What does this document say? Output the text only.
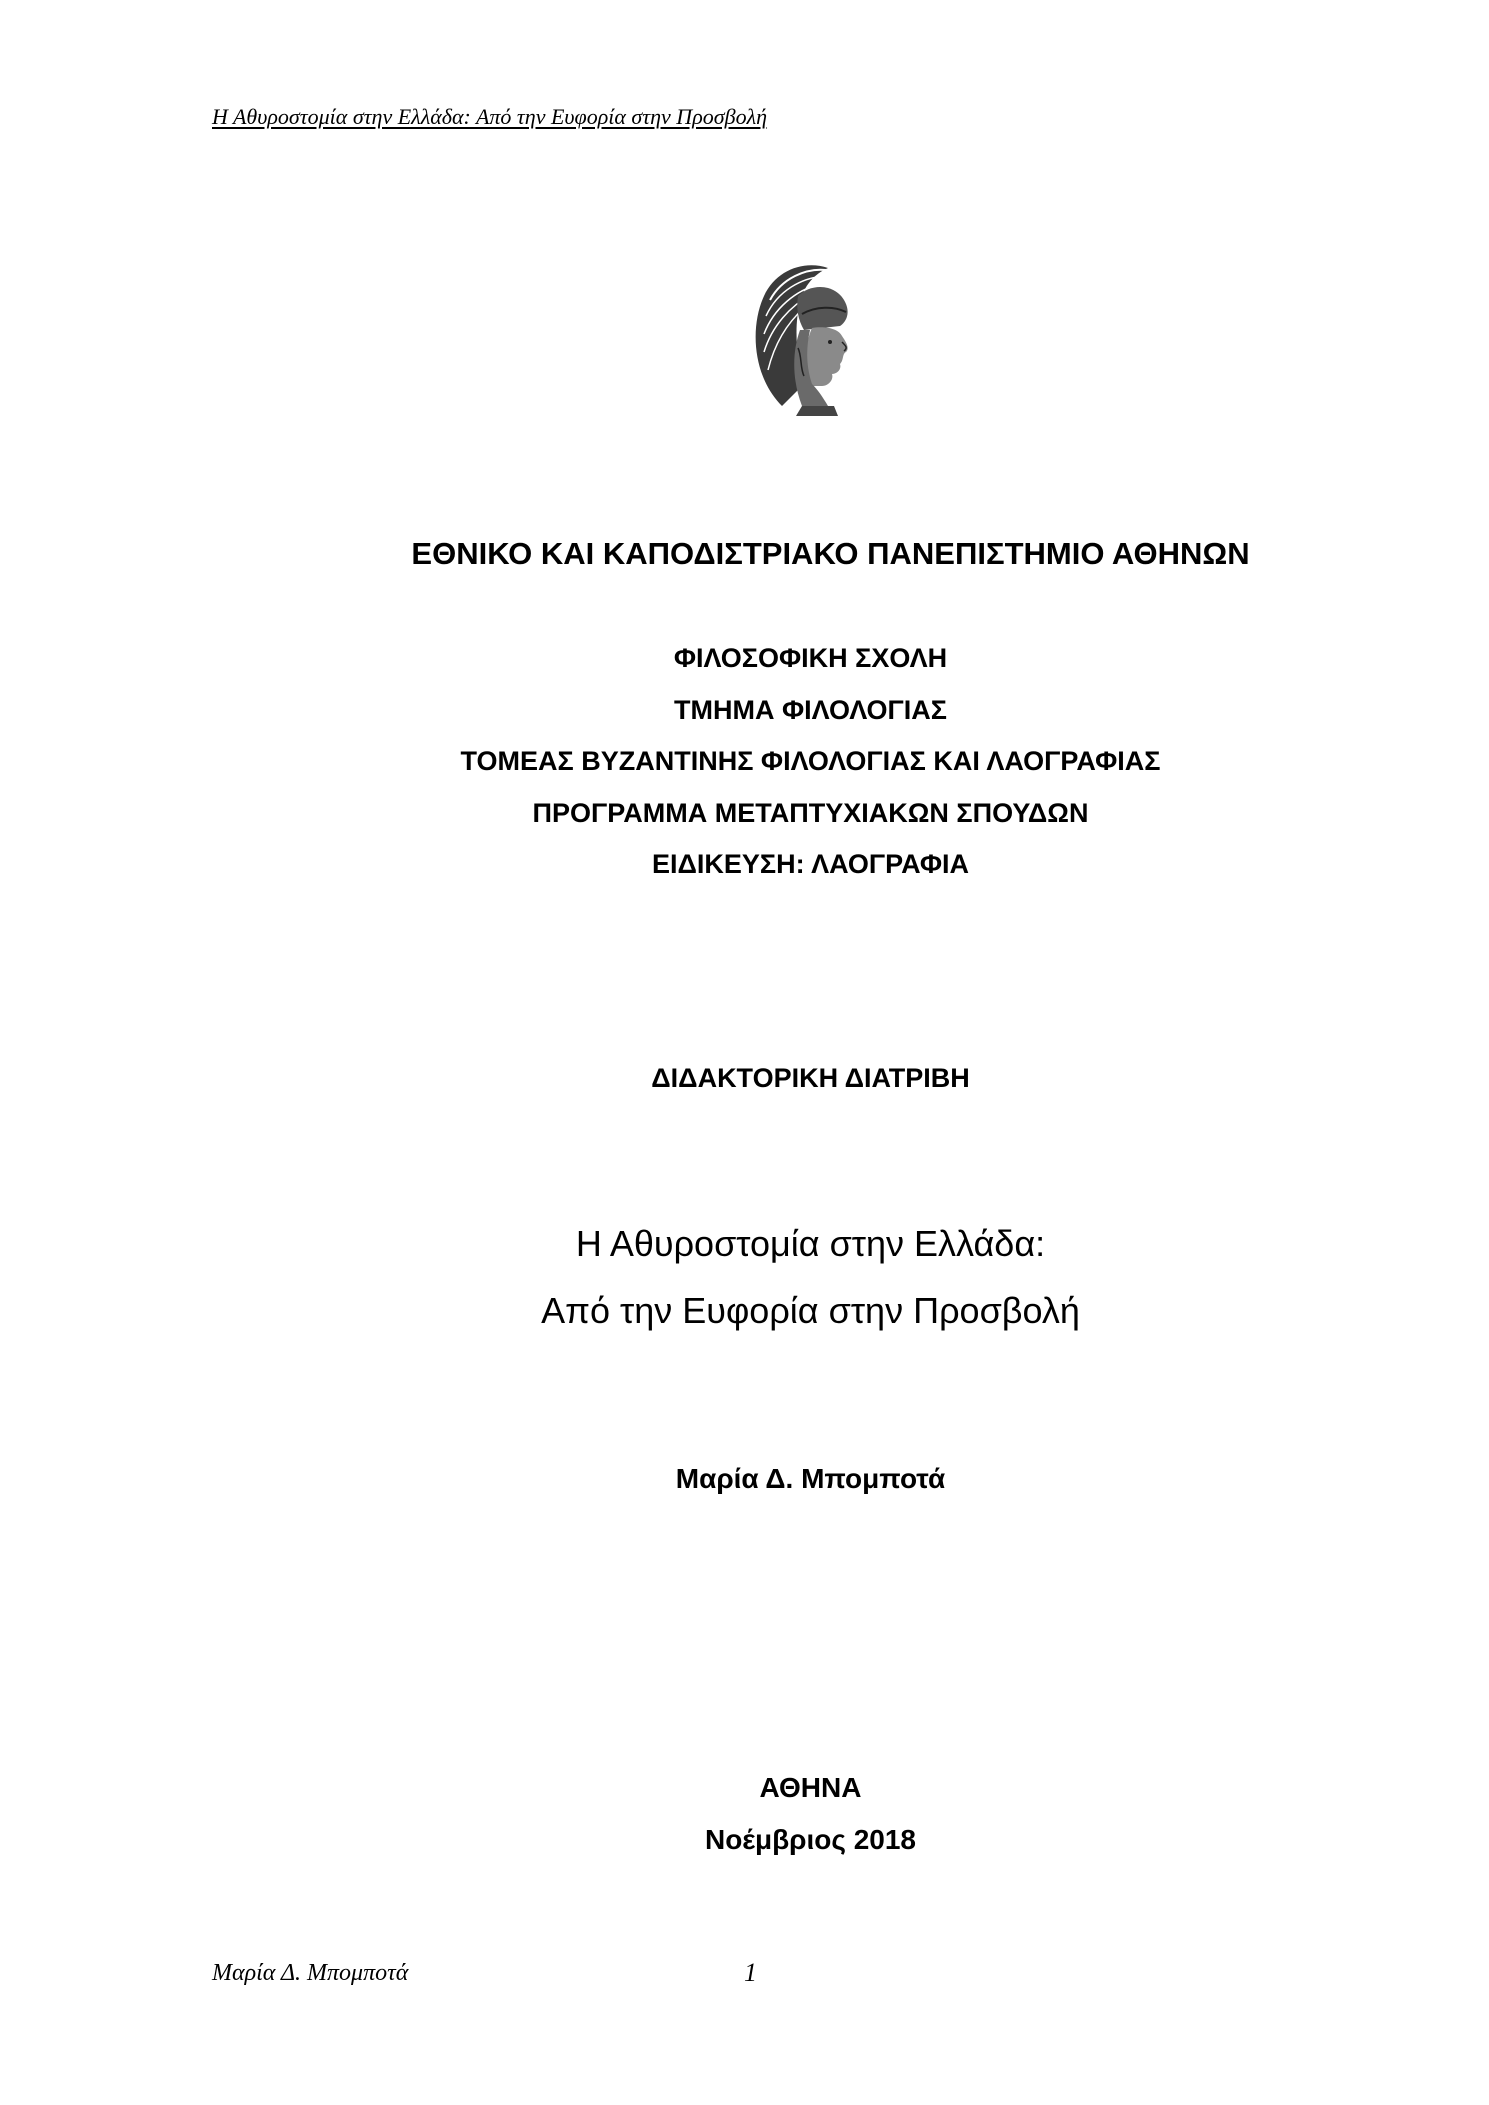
Η Αθυροστομία στην Ελλάδα: Από την Ευφορία στην Προσβολή
ΕΘΝΙΚΟ ΚΑΙ ΚΑΠΟΔΙΣΤΡΙΑΚΟ ΠΑΝΕΠΙΣΤΗΜΙΟ ΑΘΗΝΩΝ
ΦΙΛΟΣΟΦΙΚΗ ΣΧΟΛΗ
ΤΜΗΜΑ ΦΙΛΟΛΟΓΙΑΣ
ΤΟΜΕΑΣ ΒΥΖΑΝΤΙΝΗΣ ΦΙΛΟΛΟΓΙΑΣ ΚΑΙ ΛΑΟΓΡΑΦΙΑΣ
ΠΡΟΓΡΑΜΜΑ ΜΕΤΑΠΤΥΧΙΑΚΩΝ ΣΠΟΥΔΩΝ
ΕΙΔΙΚΕΥΣΗ: ΛΑΟΓΡΑΦΙΑ
ΔΙΔΑΚΤΟΡΙΚΗ ΔΙΑΤΡΙΒΗ
Η Αθυροστομία στην Ελλάδα:
Από την Ευφορία στην Προσβολή
Μαρία Δ. Μπομποτά
ΑΘΗΝΑ
Νοέμβριος 2018
Μαρία Δ. Μπομποτά	1
